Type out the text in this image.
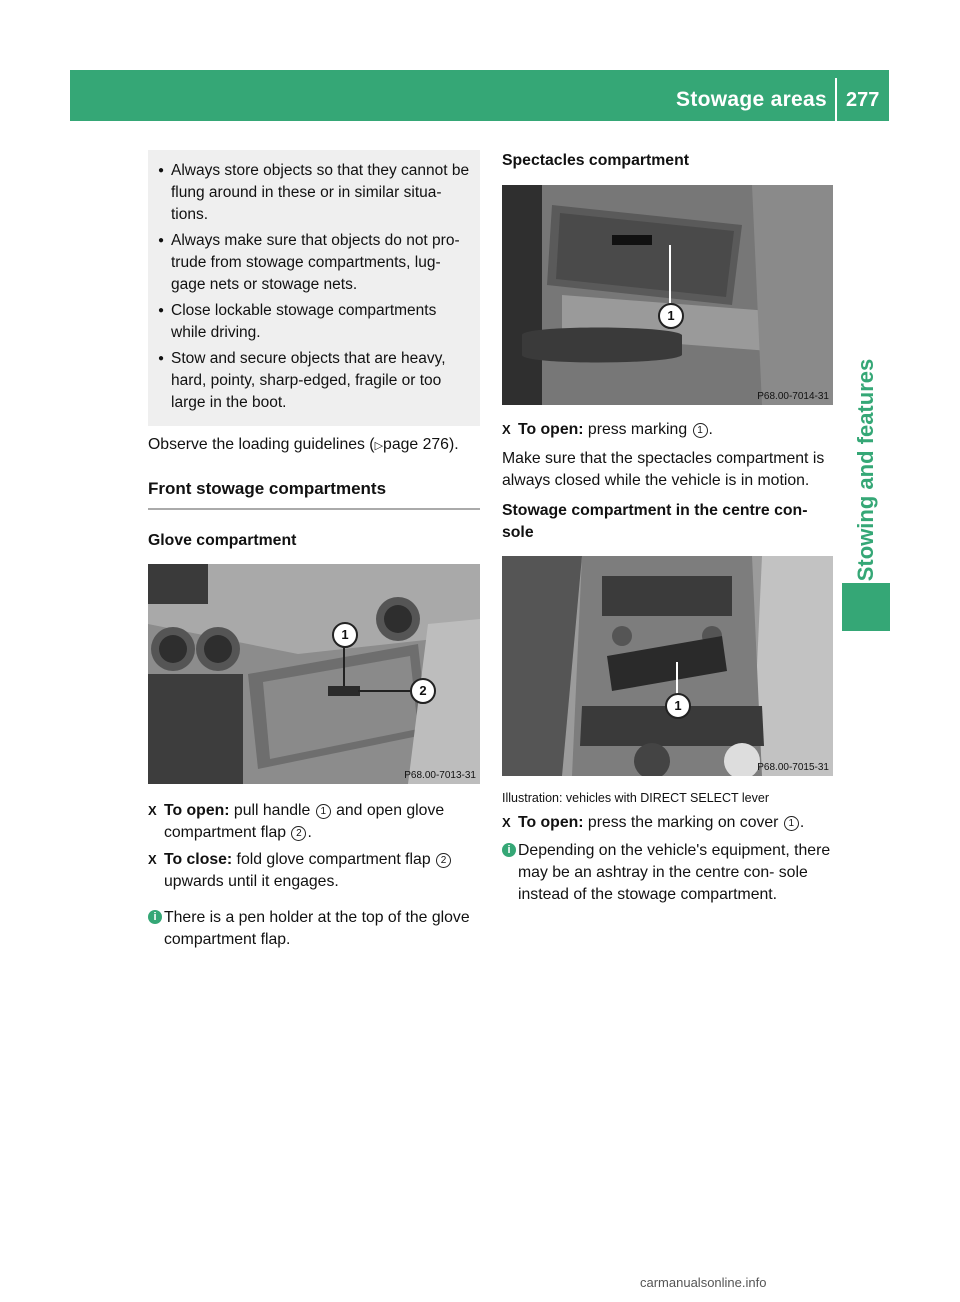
Stowage areas 277
Stowing and features
● Always store objects so that they cannot be flung around in these or in similar situa- tions.
● Always make sure that objects do not pro- trude from stowage compartments, lug- gage nets or stowage nets.
● Close lockable stowage compartments while driving.
● Stow and secure objects that are heavy, hard, pointy, sharp-edged, fragile or too large in the boot.

Observe the loading guidelines (▷page 276).

Front stowage compartments
Glove compartment
1
2
P68.00-7013-31
X To open: pull handle 1 and open glove compartment flap 2 .
X To close: fold glove compartment flap 2 upwards until it engages.
i There is a pen holder at the top of the glove compartment flap.
Spectacles compartment
1
P68.00-7014-31
X To open: press marking 1 .

Make sure that the spectacles compartment is always closed while the vehicle is in motion.

Stowage compartment in the centre con- sole
1
P68.00-7015-31
Illustration: vehicles with DIRECT SELECT lever
X To open: press the marking on cover 1 .
i Depending on the vehicle's equipment, there may be an ashtray in the centre con- sole instead of the stowage compartment.
carmanualsonline.info
